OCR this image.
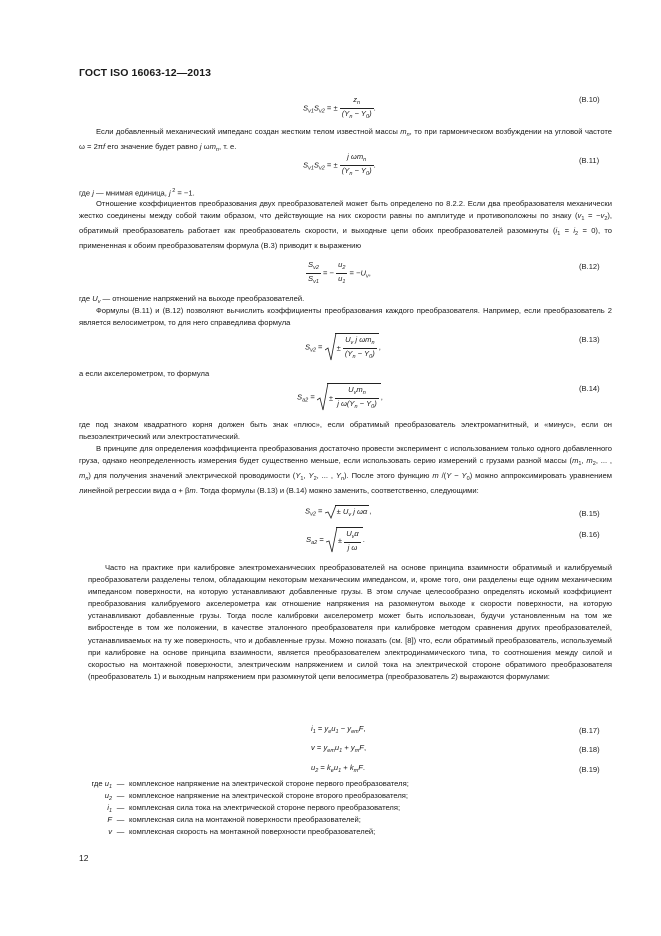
ГОСТ ISO 16063-12—2013
$S_{v1}S_{v2}$ = ± $\frac{z_n}{(Y_n - Y_0)}$ .
(B.10)

Если добавленный механический импеданс создан жестким телом известной массы $m_n$, то при гармоническом возбуждении на угловой частоте ω = 2πf его значение будет равно j $\omega m_n$, т. е.

$S_{v1}S_{v2}$ = ± $\frac{j \omega m_n}{(Y_n - Y_0)}$ .	(B.11)

где j — мнимая единица, j $^2$ = −1.

Отношение коэффициентов преобразования двух преобразователей может быть определено по 8.2.2. Если два преобразователя механически жестко соединены между собой таким образом, что действующие на них скорости равны по амплитуде и противоположны по знаку $(v_1 = -v_2)$, обратимый преобразователь работает как преобразователь скорости, и выходные цепи обоих преобразователей разомкнуты $(i_1 = i_2 = 0)$, то примененная к обоим преобразователям формула (B.3) приводит к выражению

$\frac{S_{v2}}{S_{v1}}$ = − $\frac{u_2}{u_1} = -U_v$,
(B.12)

где $U_v$ — отношение напряжений на выходе преобразователей.

Формулы (B.11) и (B.12) позволяют вычислить коэффициенты преобразования каждого преобразователя. Например, если преобразователь 2 является велосиметром, то для него справедлива формула

$S_{v2}$ = ± $\frac{U_v j \omega m_n}{(Y_n - Y_0)}$ ,
(B.13)

а если акселерометром, то формула

$S_{a2}$ = ± $\frac{U_vm_n}{j \omega(Y_n - Y_0)}$ ,
(B.14)

где под знаком квадратного корня должен быть знак «плюс», если обратимый преобразователь электромагнитный, и «минус», если он пьезоэлектрический или электростатический.

В принципе для определения коэффициента преобразования достаточно провести эксперимент с использованием только одного добавленного груза, однако неопределенность измерения будет существенно меньше, если использовать серию измерений с грузами разной массы ($m_1$, $m_2$, ... , $m_n$) для получения значений электрической проводимости ($Y_1$, $Y_2$, ... , $Y_n$). После этого функцию m $/(Y - Y_0)$ можно аппроксимировать уравнением линейной регрессии вида α + βm. Тогда формулы (B.13) и (B.14) можно заменить, соответственно, следующими:

$S_{v2}$ = ± $U_v$ j ωα ,	(B.15)
$S_{a2}$ = ± $\frac{U_v\alpha}{\text{j ω}}$ .
(B.16)

Часто на практике при калибровке электромеханических преобразователей на основе принципа взаимности обратимый и калибруемый преобразователи разделены телом, обладающим некоторым механическим импедансом, и, кроме того, они разделены еще одним механическим импедансом поверхности, на которую устанавливают добавленные грузы. В этом случае целесообразно определять искомый коэффициент преобразования калибруемого акселерометра как отношение напряжения на разомкнутом выходе к скорости поверхности, на которую устанавливают добавленные грузы. Тогда после калибровки акселерометр может быть использован, будучи установленным на том же вибростенде в том же положении, в качестве эталонного преобразователя при калибровке методом сравнения других преобразователей, устанавливаемых на ту же поверхность, что и добавленные грузы. Можно показать (см. [8]) что, если обратимый преобразователь, используемый при калибровке на основе принципа взаимности, является преобразователем электродинамического типа, то соотношения между силой и скоростью на монтажной поверхности, электрическим напряжением и силой тока на электрической стороне обратимого преобразователя (преобразователь 1) и выходным напряжением при разомкнутой цепи велосиметра (преобразователь 2) выражаются формулами:

$i_1 = y_eu_1 - y_{em}F$,	(B.17)
$v = y_{em}u_1 + y_mF$,	(B.18)
$u_2 = k_eu_1 + k_mF$.	(B.19)
где $u_1$ — комплексное напряжение на электрической стороне первого преобразователя;
$u_2$ — комплексное напряжение на электрической стороне второго преобразователя;
$i_1$ — комплексная сила тока на электрической стороне первого преобразователя;
F — комплексная сила на монтажной поверхности преобразователей;
v — комплексная скорость на монтажной поверхности преобразователей;
12
